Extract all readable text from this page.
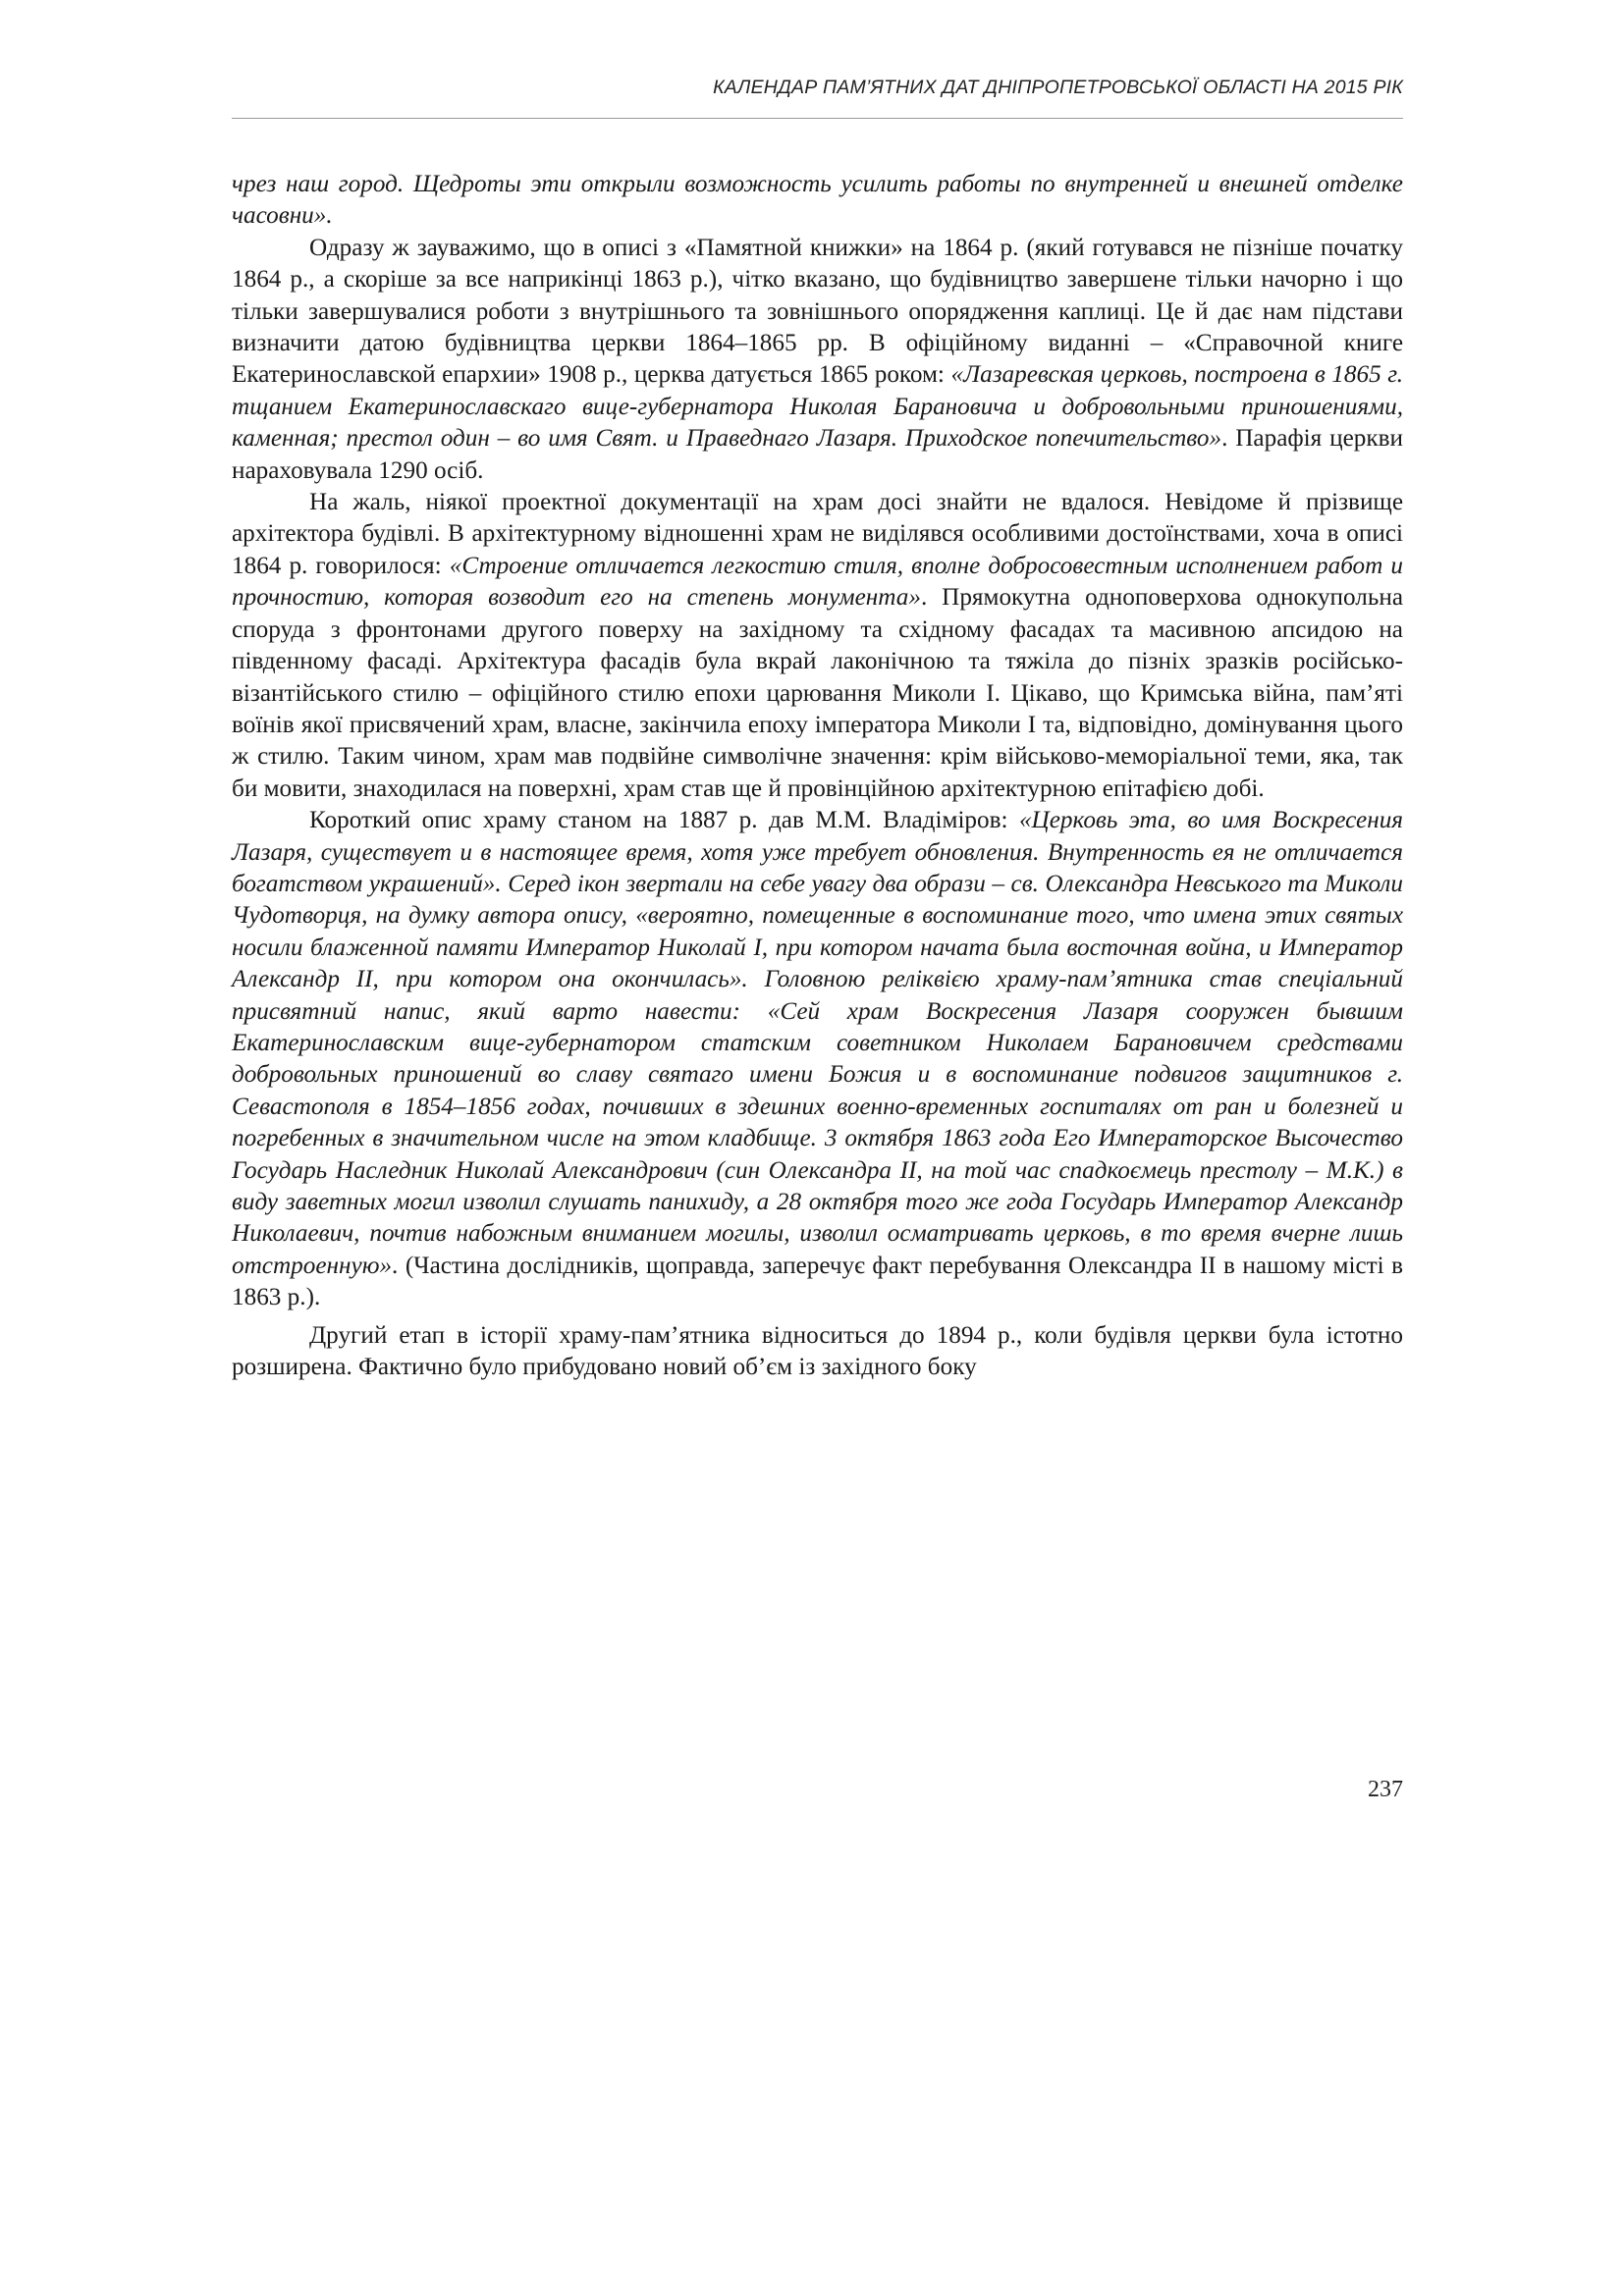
КАЛЕНДАР ПАМ’ЯТНИХ ДАТ ДНІПРОПЕТРОВСЬКОЇ ОБЛАСТІ НА 2015 РІК

чрез наш город. Щедроты эти открыли возможность усилить работы по внутренней и внешней отделке часовни».

Одразу ж зауважимо, що в описі з «Памятной книжки» на 1864 р. (який готувався не пізніше початку 1864 р., а скоріше за все наприкінці 1863 р.), чітко вказано, що будівництво завершене тільки начорно і що тільки завершувалися роботи з внутрішнього та зовнішнього опорядження каплиці. Це й дає нам підстави визначити датою будівництва церкви 1864–1865 рр. В офіційному виданні – «Справочной книге Екатеринославской епархии» 1908 р., церква датується 1865 роком: «Лазаревская церковь, построена в 1865 г. тщанием Екатеринославскаго вице-губернатора Николая Барановича и добровольными приношениями, каменная; престол один – во имя Свят. и Праведнаго Лазаря. Приходское попечительство». Парафія церкви нараховувала 1290 осіб.

На жаль, ніякої проектної документації на храм досі знайти не вдалося. Невідоме й прізвище архітектора будівлі. В архітектурному відношенні храм не виділявся особливими достоїнствами, хоча в описі 1864 р. говорилося: «Строение отличается легкостию стиля, вполне добросовестным исполнением работ и прочностию, которая возводит его на степень монумента». Прямокутна одноповерхова однокупольна споруда з фронтонами другого поверху на західному та східному фасадах та масивною апсидою на південному фасаді. Архітектура фасадів була вкрай лаконічною та тяжіла до пізніх зразків російсько-візантійського стилю – офіційного стилю епохи царювання Миколи I. Цікаво, що Кримська війна, пам’яті воїнів якої присвячений храм, власне, закінчила епоху імператора Миколи I та, відповідно, домінування цього ж стилю. Таким чином, храм мав подвійне символічне значення: крім військово-меморіальної теми, яка, так би мовити, знаходилася на поверхні, храм став ще й провінційною архітектурною епітафією добі.

Короткий опис храму станом на 1887 р. дав М.М. Владіміров: «Церковь эта, во имя Воскресения Лазаря, существует и в настоящее время, хотя уже требует обновления. Внутренность ея не отличается богатством украшений». Серед ікон звертали на себе увагу два образи – св. Олександра Невського та Миколи Чудотворця, на думку автора опису, «вероятно, помещенные в воспоминание того, что имена этих святых носили блаженной памяти Император Николай I, при котором начата была восточная война, и Император Александр II, при котором она окончилась». Головною реліквією храму-пам’ятника став спеціальний присвятний напис, який варто навести: «Сей храм Воскресения Лазаря сооружен бывшим Екатеринославским вице-губернатором статским советником Николаем Барановичем средствами добровольных приношений во славу святаго имени Божия и в воспоминание подвигов защитников г. Севастополя в 1854–1856 годах, почивших в здешних военно-временных госпиталях от ран и болезней и погребенных в значительном числе на этом кладбище. 3 октября 1863 года Его Императорское Высочество Государь Наследник Николай Александрович (син Олександра II, на той час спадкоємець престолу – М.К.) в виду заветных могил изволил слушать панихиду, а 28 октября того же года Государь Император Александр Николаевич, почтив набожным вниманием могилы, изволил осматривать церковь, в то время вчерне лишь отстроенную». (Частина дослідників, щоправда, заперечує факт перебування Олександра II в нашому місті в 1863 р.).

Другий етап в історії храму-пам’ятника відноситься до 1894 р., коли будівля церкви була істотно розширена. Фактично було прибудовано новий об’єм із західного боку

237
